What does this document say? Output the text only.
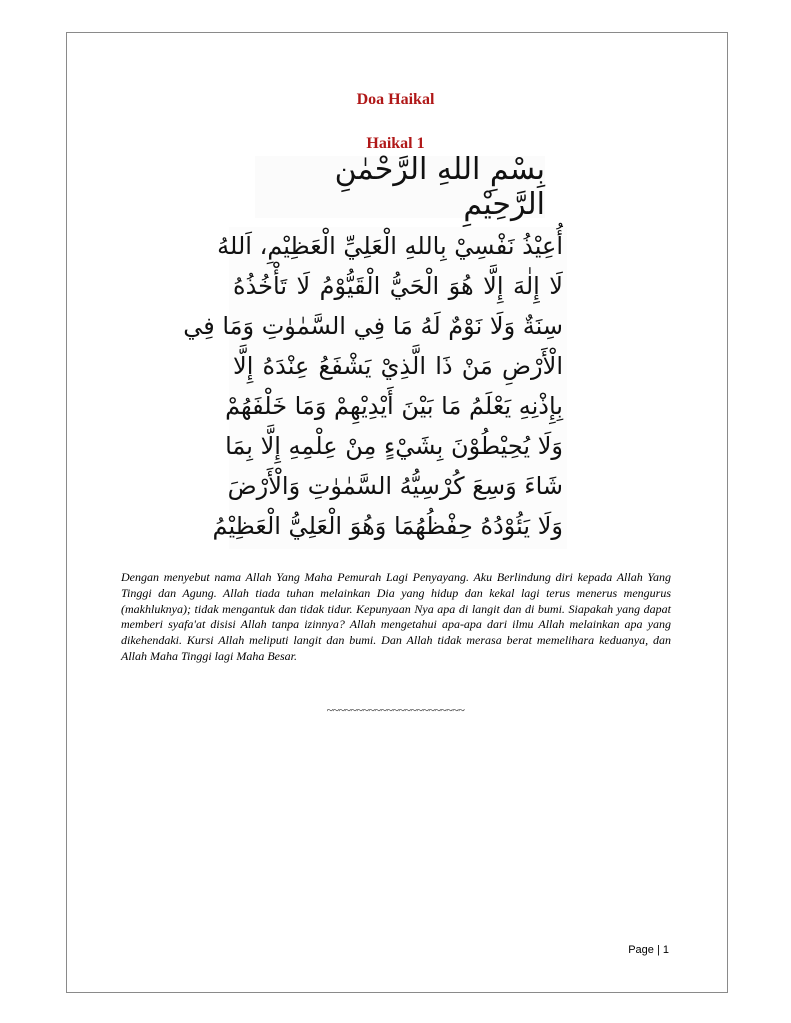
Doa Haikal
Haikal 1
بِسْمِ اللهِ الرَّحْمٰنِ الرَّحِيْمِ
أُعِيْذُ نَفْسِيْ بِاللهِ الْعَلِيِّ الْعَظِيْمِ، اَللهُ
لَا إِلٰهَ إِلَّا هُوَ الْحَيُّ الْقَيُّوْمُ لَا تَأْخُذُهُ
سِنَةٌ وَلَا نَوْمٌ لَهُ مَا فِي السَّمٰوٰتِ وَمَا فِي
الْأَرْضِ مَنْ ذَا الَّذِيْ يَشْفَعُ عِنْدَهُ إِلَّا
بِإِذْنِهِ يَعْلَمُ مَا بَيْنَ أَيْدِيْهِمْ وَمَا خَلْفَهُمْ
وَلَا يُحِيْطُوْنَ بِشَيْءٍ مِنْ عِلْمِهِ إِلَّا بِمَا
شَاءَ وَسِعَ كُرْسِيُّهُ السَّمٰوٰتِ وَالْأَرْضَ
وَلَا يَئُوْدُهُ حِفْظُهُمَا وَهُوَ الْعَلِيُّ الْعَظِيْمُ

Dengan menyebut nama Allah Yang Maha Pemurah Lagi Penyayang. Aku Berlindung diri kepada Allah Yang Tinggi dan Agung. Allah tiada tuhan melainkan Dia yang hidup dan kekal lagi terus menerus mengurus (makhluknya); tidak mengantuk dan tidak tidur. Kepunyaan Nya apa di langit dan di bumi. Siapakah yang dapat memberi syafa'at disisi Allah tanpa izinnya? Allah mengetahui apa-apa dari ilmu Allah melainkan apa yang dikehendaki. Kursi Allah meliputi langit dan bumi. Dan Allah tidak merasa berat memelihara keduanya, dan Allah Maha Tinggi lagi Maha Besar.

~~~~~~~~~~~~~~~~~~~~~~~
Page | 1
